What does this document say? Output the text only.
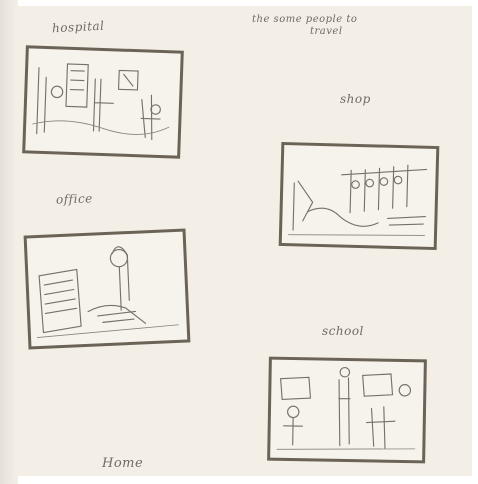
hospital	the some people to
travel
shop
office
school
Home
